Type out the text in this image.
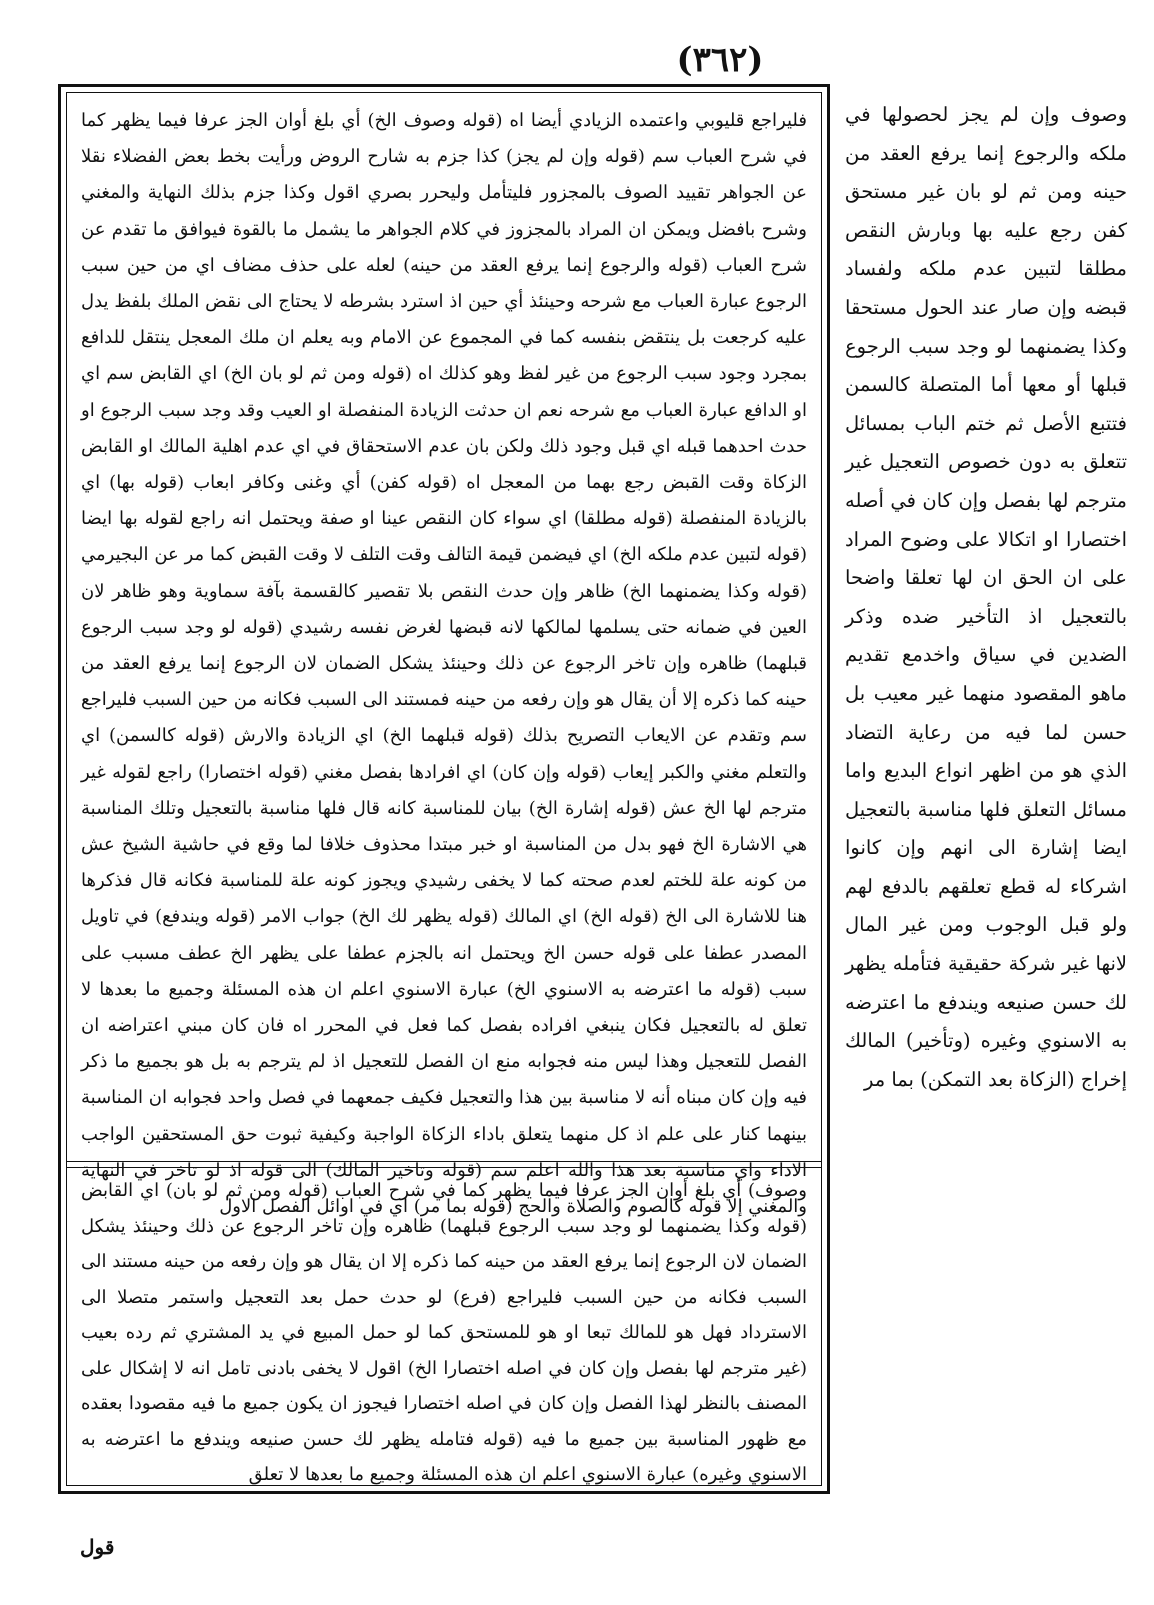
(٣٦٢)
وصوف وإن لم يجز لحصولها في ملكه والرجوع إنما يرفع العقد من حينه ومن ثم لو بان غير مستحق كفن رجع عليه بها وبارش النقص مطلقا لتبين عدم ملكه ولفساد قبضه وإن صار عند الحول مستحقا وكذا يضمنهما لو وجد سبب الرجوع قبلها أو معها أما المتصلة كالسمن فتتبع الأصل ثم ختم الباب بمسائل تتعلق به دون خصوص التعجيل غير مترجم لها بفصل وإن كان في أصله اختصارا او اتكالا على وضوح المراد على ان الحق ان لها تعلقا واضحا بالتعجيل اذ التأخير ضده وذكر الضدين في سياق واخدمع تقديم ماهو المقصود منهما غير معيب بل حسن لما فيه من رعاية التضاد الذي هو من اظهر انواع البديع واما مسائل التعلق فلها مناسبة بالتعجيل ايضا إشارة الى انهم وإن كانوا اشركاء له قطع تعلقهم بالدفع لهم ولو قبل الوجوب ومن غير المال لانها غير شركة حقيقية فتأمله يظهر لك حسن صنيعه ويندفع ما اعترضه به الاسنوي وغيره (وتأخير) المالك إخراج (الزكاة بعد التمكن) بما مر
فليراجع قليوبي واعتمده الزيادي أيضا اه (قوله وصوف الخ) أي بلغ أوان الجز عرفا فيما يظهر كما في شرح العباب سم (قوله وإن لم يجز) كذا جزم به شارح الروض ورأيت بخط بعض الفضلاء نقلا عن الجواهر تقييد الصوف بالمجزور فليتأمل وليحرر بصري اقول وكذا جزم بذلك النهاية والمغني وشرح بافضل ويمكن ان المراد بالمجزوز في كلام الجواهر ما يشمل ما بالقوة فيوافق ما تقدم عن شرح العباب (قوله والرجوع إنما يرفع العقد من حينه) لعله على حذف مضاف اي من حين سبب الرجوع عبارة العباب مع شرحه وحينئذ أي حين اذ استرد بشرطه لا يحتاج الى نقض الملك بلفظ يدل عليه كرجعت بل ينتقض بنفسه كما في المجموع عن الامام وبه يعلم ان ملك المعجل ينتقل للدافع بمجرد وجود سبب الرجوع من غير لفظ وهو كذلك اه (قوله ومن ثم لو بان الخ) اي القابض سم اي او الدافع عبارة العباب مع شرحه نعم ان حدثت الزيادة المنفصلة او العيب وقد وجد سبب الرجوع او حدث احدهما قبله اي قبل وجود ذلك ولكن بان عدم الاستحقاق في اي عدم اهلية المالك او القابض الزكاة وقت القبض رجع بهما من المعجل اه (قوله كفن) أي وغنى وكافر ابعاب (قوله بها) اي بالزيادة المنفصلة (قوله مطلقا) اي سواء كان النقص عينا او صفة ويحتمل انه راجع لقوله بها ايضا (قوله لتبين عدم ملكه الخ) اي فيضمن قيمة التالف وقت التلف لا وقت القبض كما مر عن البجيرمي (قوله وكذا يضمنهما الخ) ظاهر وإن حدث النقص بلا تقصير كالقسمة بآفة سماوية وهو ظاهر لان العين في ضمانه حتى يسلمها لمالكها لانه قبضها لغرض نفسه رشيدي (قوله لو وجد سبب الرجوع قبلهما) ظاهره وإن تاخر الرجوع عن ذلك وحينئذ يشكل الضمان لان الرجوع إنما يرفع العقد من حينه كما ذكره إلا أن يقال هو وإن رفعه من حينه فمستند الى السبب فكانه من حين السبب فليراجع سم وتقدم عن الايعاب التصريح بذلك (قوله قبلهما الخ) اي الزيادة والارش (قوله كالسمن) اي والتعلم مغني والكبر إيعاب (قوله وإن كان) اي افرادها بفصل مغني (قوله اختصارا) راجع لقوله غير مترجم لها الخ عش (قوله إشارة الخ) بيان للمناسبة كانه قال فلها مناسبة بالتعجيل وتلك المناسبة هي الاشارة الخ فهو بدل من المناسبة او خبر مبتدا محذوف خلافا لما وقع في حاشية الشيخ عش من كونه علة للختم لعدم صحته كما لا يخفى رشيدي ويجوز كونه علة للمناسبة فكانه قال فذكرها هنا للاشارة الى الخ (قوله الخ) اي المالك (قوله يظهر لك الخ) جواب الامر (قوله ويندفع) في تاويل المصدر عطفا على قوله حسن الخ ويحتمل انه بالجزم عطفا على يظهر الخ عطف مسبب على سبب (قوله ما اعترضه به الاسنوي الخ) عبارة الاسنوي اعلم ان هذه المسئلة وجميع ما بعدها لا تعلق له بالتعجيل فكان ينبغي افراده بفصل كما فعل في المحرر اه فان كان مبني اعتراضه ان الفصل للتعجيل وهذا ليس منه فجوابه منع ان الفصل للتعجيل اذ لم يترجم به بل هو بجميع ما ذكر فيه وإن كان مبناه أنه لا مناسبة بين هذا والتعجيل فكيف جمعهما في فصل واحد فجوابه ان المناسبة بينهما كنار على علم اذ كل منهما يتعلق باداء الزكاة الواجبة وكيفية ثبوت حق المستحقين الواجب الاداء واي مناسبة بعد هذا والله اعلم سم (قوله وتاخير المالك) الى قوله اذ لو تاخر في النهاية والمغني إلا قوله كالصوم والصلاة والحج (قوله بما مر) اي في اوائل الفصل الاول
وصوف) أي بلغ أوان الجز عرفا فيما يظهر كما في شرح العباب (قوله ومن ثم لو بان) اي القابض (قوله وكذا يضمنهما لو وجد سبب الرجوع قبلهما) ظاهره وإن تاخر الرجوع عن ذلك وحينئذ يشكل الضمان لان الرجوع إنما يرفع العقد من حينه كما ذكره إلا ان يقال هو وإن رفعه من حينه مستند الى السبب فكانه من حين السبب فليراجع (فرع) لو حدث حمل بعد التعجيل واستمر متصلا الى الاسترداد فهل هو للمالك تبعا او هو للمستحق كما لو حمل المبيع في يد المشتري ثم رده بعيب (غير مترجم لها بفصل وإن كان في اصله اختصارا الخ) اقول لا يخفى بادنى تامل انه لا إشكال على المصنف بالنظر لهذا الفصل وإن كان في اصله اختصارا فيجوز ان يكون جميع ما فيه مقصودا بعقده مع ظهور المناسبة بين جميع ما فيه (قوله فتامله يظهر لك حسن صنيعه ويندفع ما اعترضه به الاسنوي وغيره) عبارة الاسنوي اعلم ان هذه المسئلة وجميع ما بعدها لا تعلق
قول
